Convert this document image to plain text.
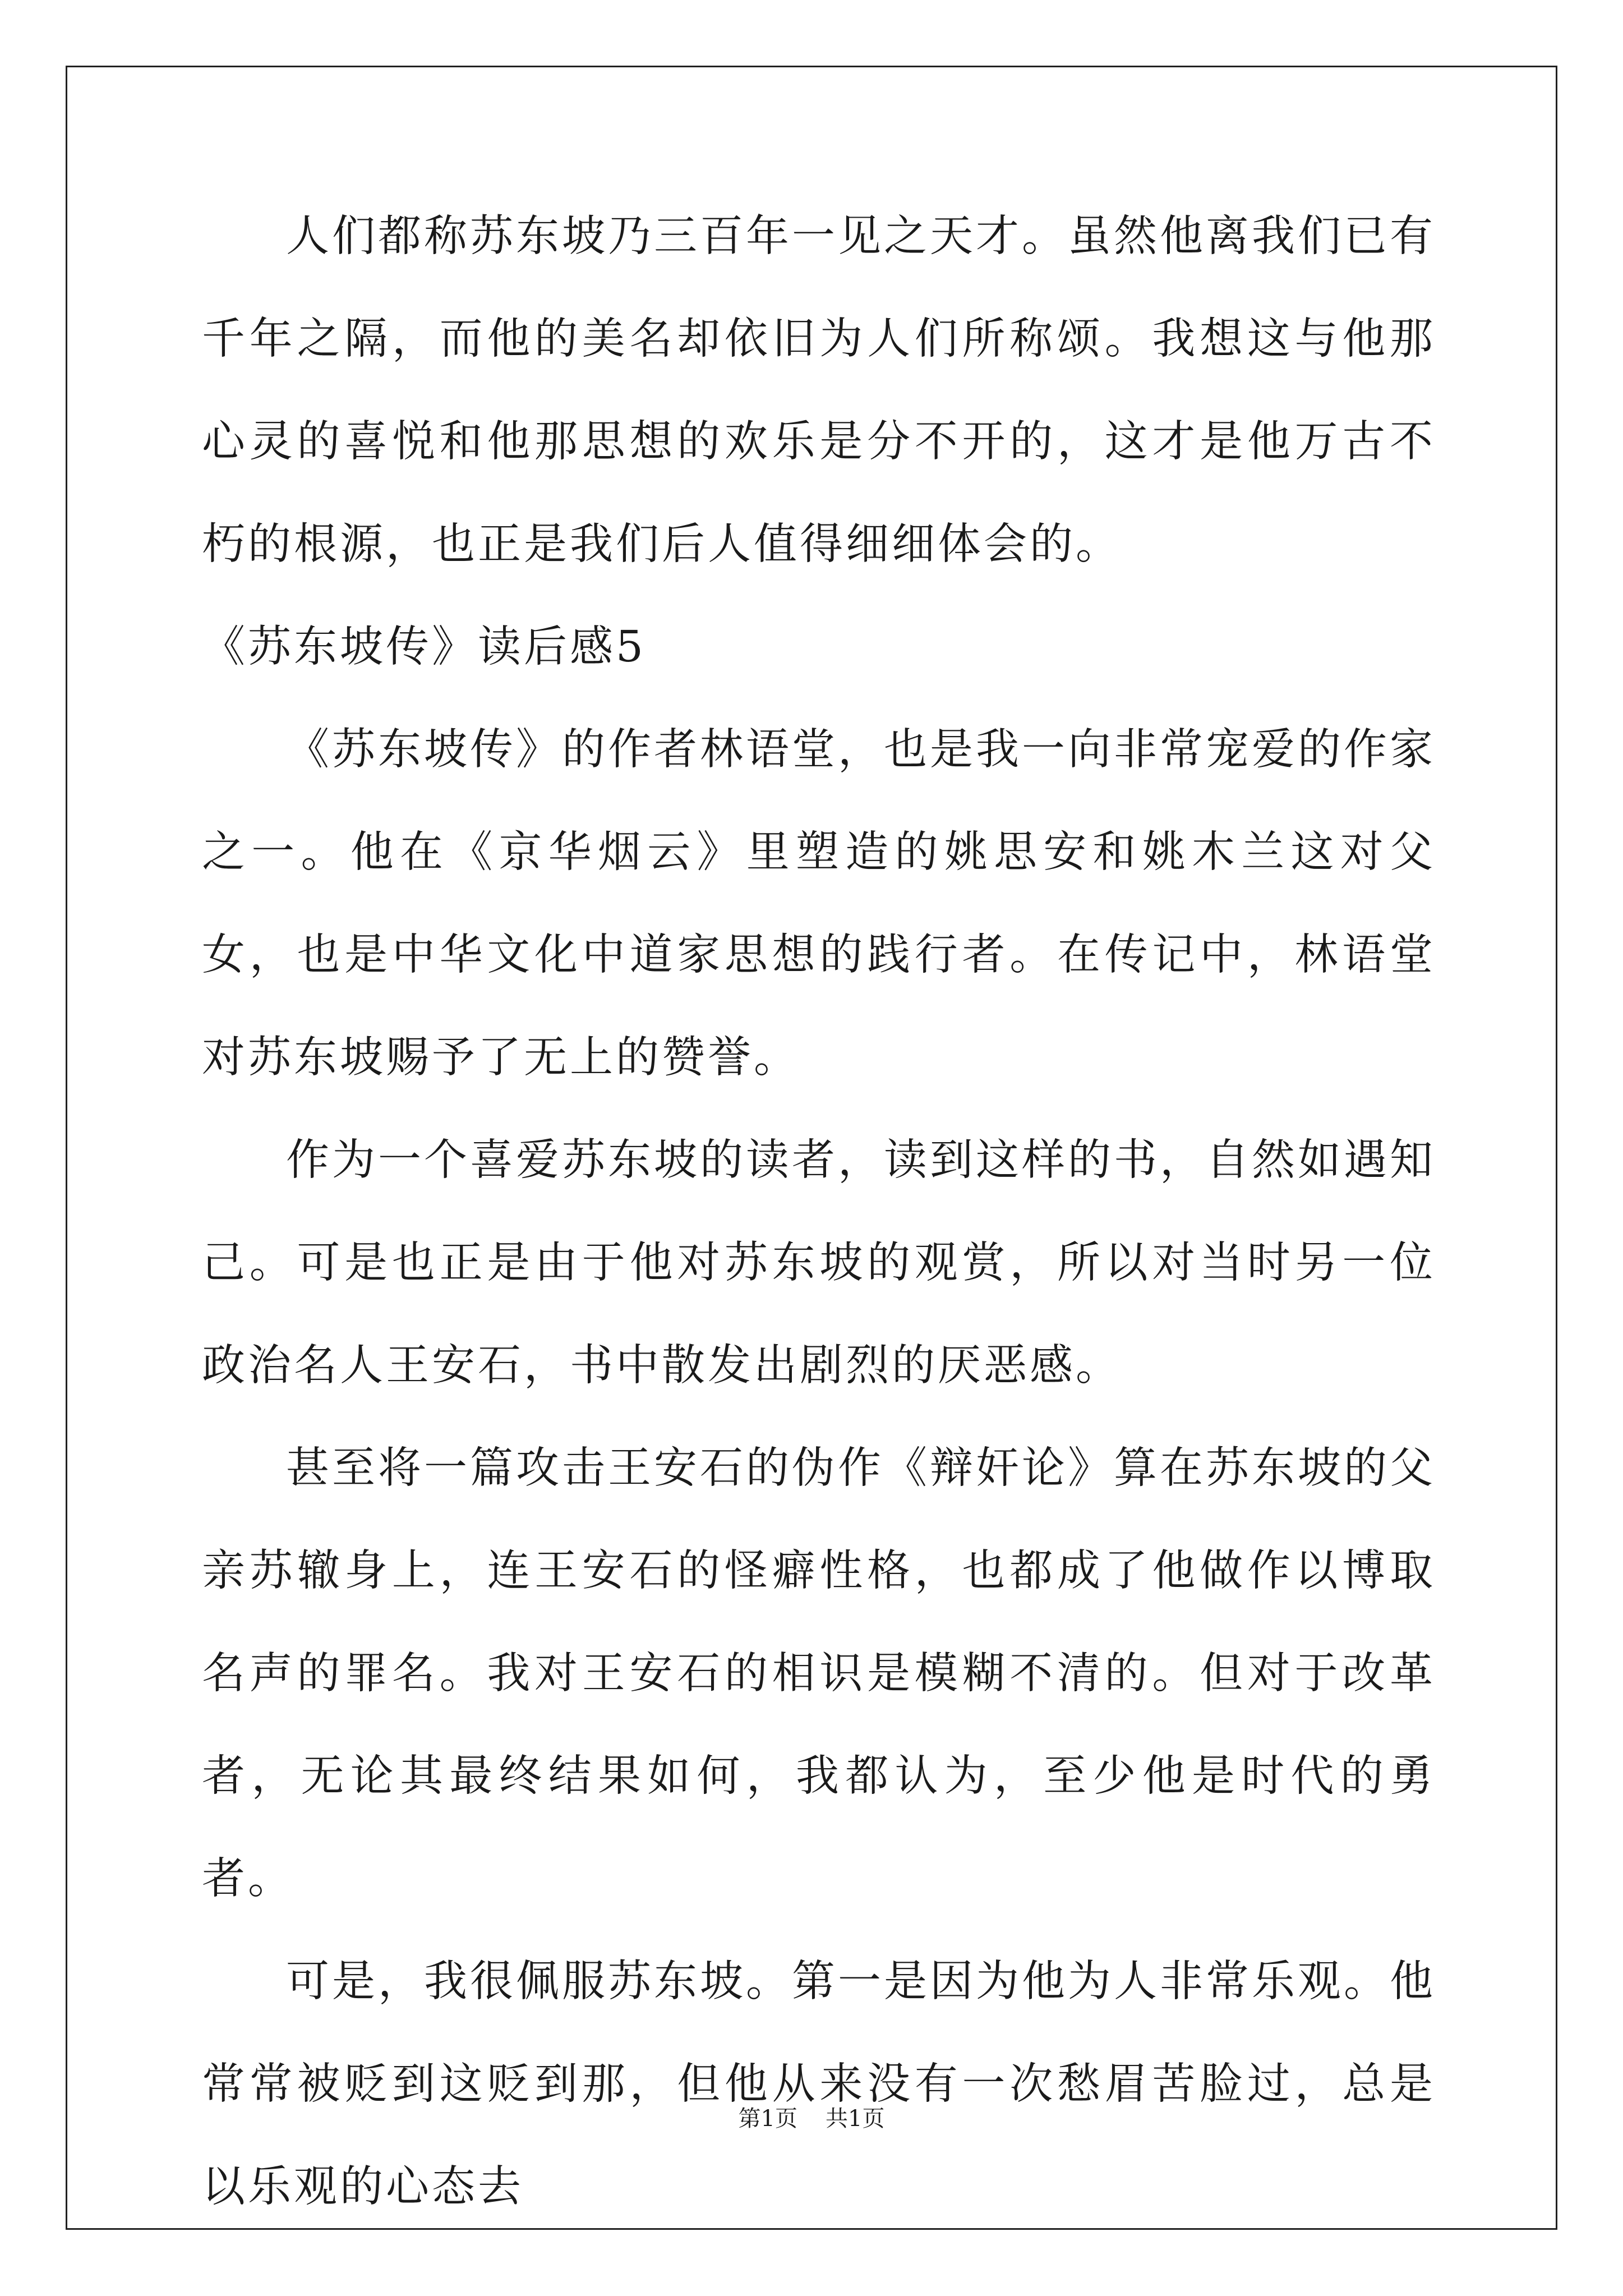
人们都称苏东坡乃三百年一见之天才。虽然他离我们已有千年之隔，而他的美名却依旧为人们所称颂。我想这与他那心灵的喜悦和他那思想的欢乐是分不开的，这才是他万古不朽的根源，也正是我们后人值得细细体会的。

《苏东坡传》读后感5

《苏东坡传》的作者林语堂，也是我一向非常宠爱的作家之一。他在《京华烟云》里塑造的姚思安和姚木兰这对父女，也是中华文化中道家思想的践行者。在传记中，林语堂对苏东坡赐予了无上的赞誉。

作为一个喜爱苏东坡的读者，读到这样的书，自然如遇知己。可是也正是由于他对苏东坡的观赏，所以对当时另一位政治名人王安石，书中散发出剧烈的厌恶感。

甚至将一篇攻击王安石的伪作《辩奸论》算在苏东坡的父亲苏辙身上，连王安石的怪癖性格，也都成了他做作以博取名声的罪名。我对王安石的相识是模糊不清的。但对于改革者，无论其最终结果如何，我都认为，至少他是时代的勇者。

可是，我很佩服苏东坡。第一是因为他为人非常乐观。他常常被贬到这贬到那，但他从来没有一次愁眉苦脸过，总是以乐观的心态去

第1页 共1页
